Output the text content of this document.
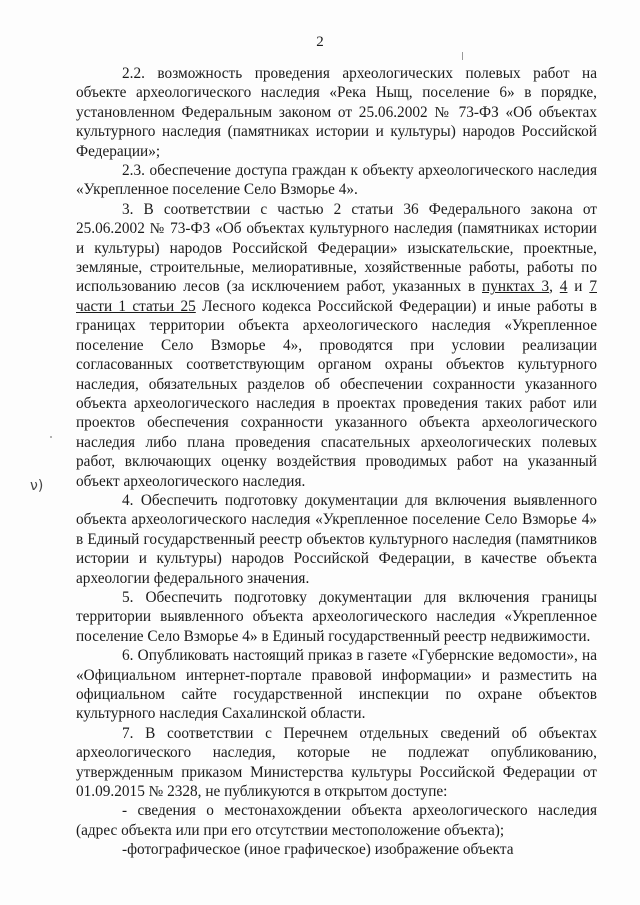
2

2.2. возможность проведения археологических полевых работ на объекте археологического наследия «Река Ныщ, поселение 6» в порядке, установленном Федеральным законом от 25.06.2002 № 73-ФЗ «Об объектах культурного наследия (памятниках истории и культуры) народов Российской Федерации»;

2.3. обеспечение доступа граждан к объекту археологического наследия «Укрепленное поселение Село Взморье 4».

3. В соответствии с частью 2 статьи 36 Федерального закона от 25.06.2002 № 73-ФЗ «Об объектах культурного наследия (памятниках истории и культуры) народов Российской Федерации» изыскательские, проектные, земляные, строительные, мелиоративные, хозяйственные работы, работы по использованию лесов (за исключением работ, указанных в пунктах 3, 4 и 7 части 1 статьи 25 Лесного кодекса Российской Федерации) и иные работы в границах территории объекта археологического наследия «Укрепленное поселение Село Взморье 4», проводятся при условии реализации согласованных соответствующим органом охраны объектов культурного наследия, обязательных разделов об обеспечении сохранности указанного объекта археологического наследия в проектах проведения таких работ или проектов обеспечения сохранности указанного объекта археологического наследия либо плана проведения спасательных археологических полевых работ, включающих оценку воздействия проводимых работ на указанный объект археологического наследия.

4. Обеспечить подготовку документации для включения выявленного объекта археологического наследия «Укрепленное поселение Село Взморье 4» в Единый государственный реестр объектов культурного наследия (памятников истории и культуры) народов Российской Федерации, в качестве объекта археологии федерального значения.

5. Обеспечить подготовку документации для включения границы территории выявленного объекта археологического наследия «Укрепленное поселение Село Взморье 4» в Единый государственный реестр недвижимости.

6. Опубликовать настоящий приказ в газете «Губернские ведомости», на «Официальном интернет-портале правовой информации» и разместить на официальном сайте государственной инспекции по охране объектов культурного наследия Сахалинской области.

7. В соответствии с Перечнем отдельных сведений об объектах археологического наследия, которые не подлежат опубликованию, утвержденным приказом Министерства культуры Российской Федерации от 01.09.2015 № 2328, не публикуются в открытом доступе:

- сведения о местонахождении объекта археологического наследия (адрес объекта или при его отсутствии местоположение объекта);

-фотографическое (иное графическое) изображение объекта

ν)
